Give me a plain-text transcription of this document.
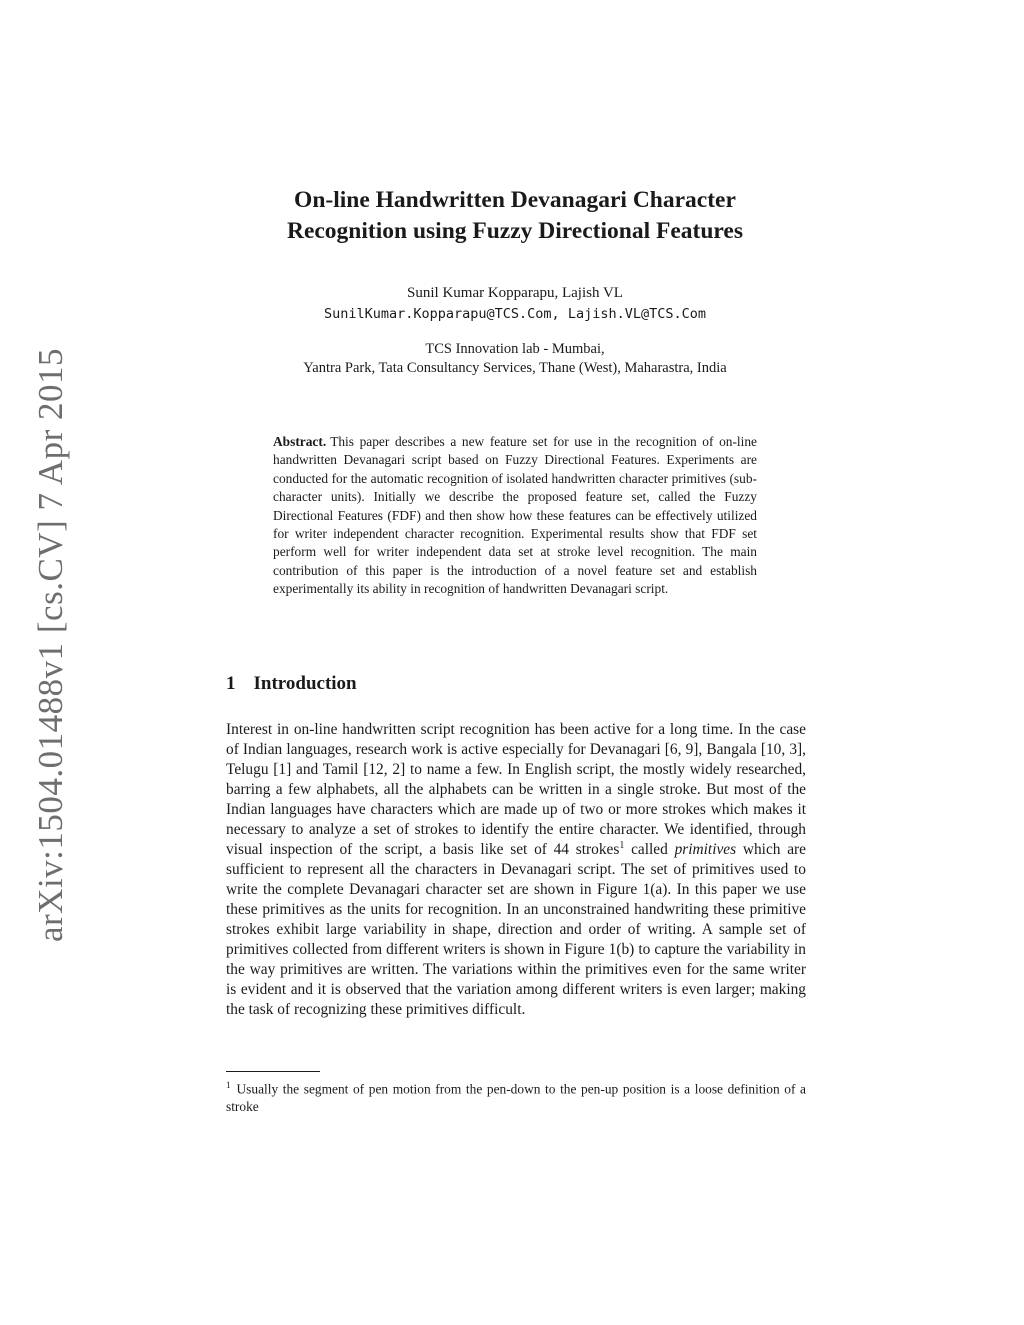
arXiv:1504.01488v1 [cs.CV] 7 Apr 2015
On-line Handwritten Devanagari Character
Recognition using Fuzzy Directional Features
Sunil Kumar Kopparapu, Lajish VL
SunilKumar.Kopparapu@TCS.Com, Lajish.VL@TCS.Com
TCS Innovation lab - Mumbai,
Yantra Park, Tata Consultancy Services, Thane (West), Maharastra, India
Abstract. This paper describes a new feature set for use in the recognition of on-line handwritten Devanagari script based on Fuzzy Directional Features. Experiments are conducted for the automatic recognition of isolated handwritten character primitives (sub-character units). Initially we describe the proposed feature set, called the Fuzzy Directional Features (FDF) and then show how these features can be effectively utilized for writer independent character recognition. Experimental results show that FDF set perform well for writer independent data set at stroke level recognition. The main contribution of this paper is the introduction of a novel feature set and establish experimentally its ability in recognition of handwritten Devanagari script.
1 Introduction
Interest in on-line handwritten script recognition has been active for a long time. In the case of Indian languages, research work is active especially for Devanagari [6, 9], Bangala [10, 3], Telugu [1] and Tamil [12, 2] to name a few. In English script, the mostly widely researched, barring a few alphabets, all the alphabets can be written in a single stroke. But most of the Indian languages have characters which are made up of two or more strokes which makes it necessary to analyze a set of strokes to identify the entire character. We identified, through visual inspection of the script, a basis like set of 44 strokes$^1$ called primitives which are sufficient to represent all the characters in Devanagari script. The set of primitives used to write the complete Devanagari character set are shown in Figure 1(a). In this paper we use these primitives as the units for recognition. In an unconstrained handwriting these primitive strokes exhibit large variability in shape, direction and order of writing. A sample set of primitives collected from different writers is shown in Figure 1(b) to capture the variability in the way primitives are written. The variations within the primitives even for the same writer is evident and it is observed that the variation among different writers is even larger; making the task of recognizing these primitives difficult.
$^1$ Usually the segment of pen motion from the pen-down to the pen-up position is a loose definition of a stroke
